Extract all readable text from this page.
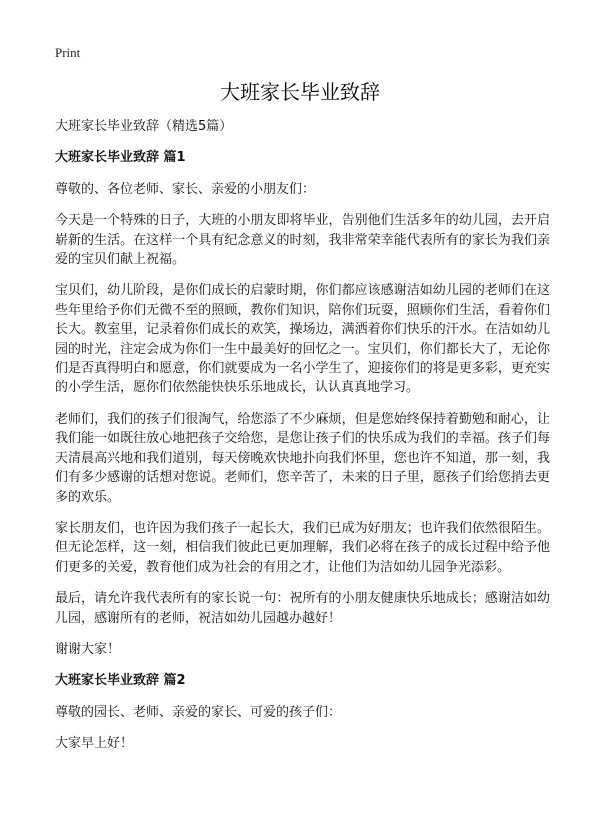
Print
大班家长毕业致辞

大班家长毕业致辞（精选5篇）

大班家长毕业致辞 篇1

尊敬的、各位老师、家长、亲爱的小朋友们：

今天是一个特殊的日子，大班的小朋友即将毕业，告别他们生活多年的幼儿园，去开启崭新的生活。在这样一个具有纪念意义的时刻，我非常荣幸能代表所有的家长为我们亲爱的宝贝们献上祝福。

宝贝们，幼儿阶段，是你们成长的启蒙时期，你们都应该感谢洁如幼儿园的老师们在这些年里给予你们无微不至的照顾，教你们知识，陪你们玩耍，照顾你们生活，看着你们长大。教室里，记录着你们成长的欢笑，操场边，满洒着你们快乐的汗水。在洁如幼儿园的时光，注定会成为你们一生中最美好的回忆之一。宝贝们，你们都长大了，无论你们是否真得明白和愿意，你们就要成为一名小学生了，迎接你们的将是更多彩，更充实的小学生活，愿你们依然能快快乐乐地成长，认认真真地学习。

老师们，我们的孩子们很淘气，给您添了不少麻烦，但是您始终保持着勤勉和耐心，让我们能一如既往放心地把孩子交给您，是您让孩子们的快乐成为我们的幸福。孩子们每天清晨高兴地和我们道别，每天傍晚欢快地扑向我们怀里，您也许不知道，那一刻，我们有多少感谢的话想对您说。老师们，您辛苦了，未来的日子里，愿孩子们给您捎去更多的欢乐。

家长朋友们，也许因为我们孩子一起长大，我们已成为好朋友；也许我们依然很陌生。但无论怎样，这一刻，相信我们彼此已更加理解，我们必将在孩子的成长过程中给予他们更多的关爱，教育他们成为社会的有用之才，让他们为洁如幼儿园争光添彩。

最后，请允许我代表所有的家长说一句：祝所有的小朋友健康快乐地成长；感谢洁如幼儿园，感谢所有的老师，祝洁如幼儿园越办越好！

谢谢大家！

大班家长毕业致辞 篇2

尊敬的园长、老师、亲爱的家长、可爱的孩子们：

大家早上好！
